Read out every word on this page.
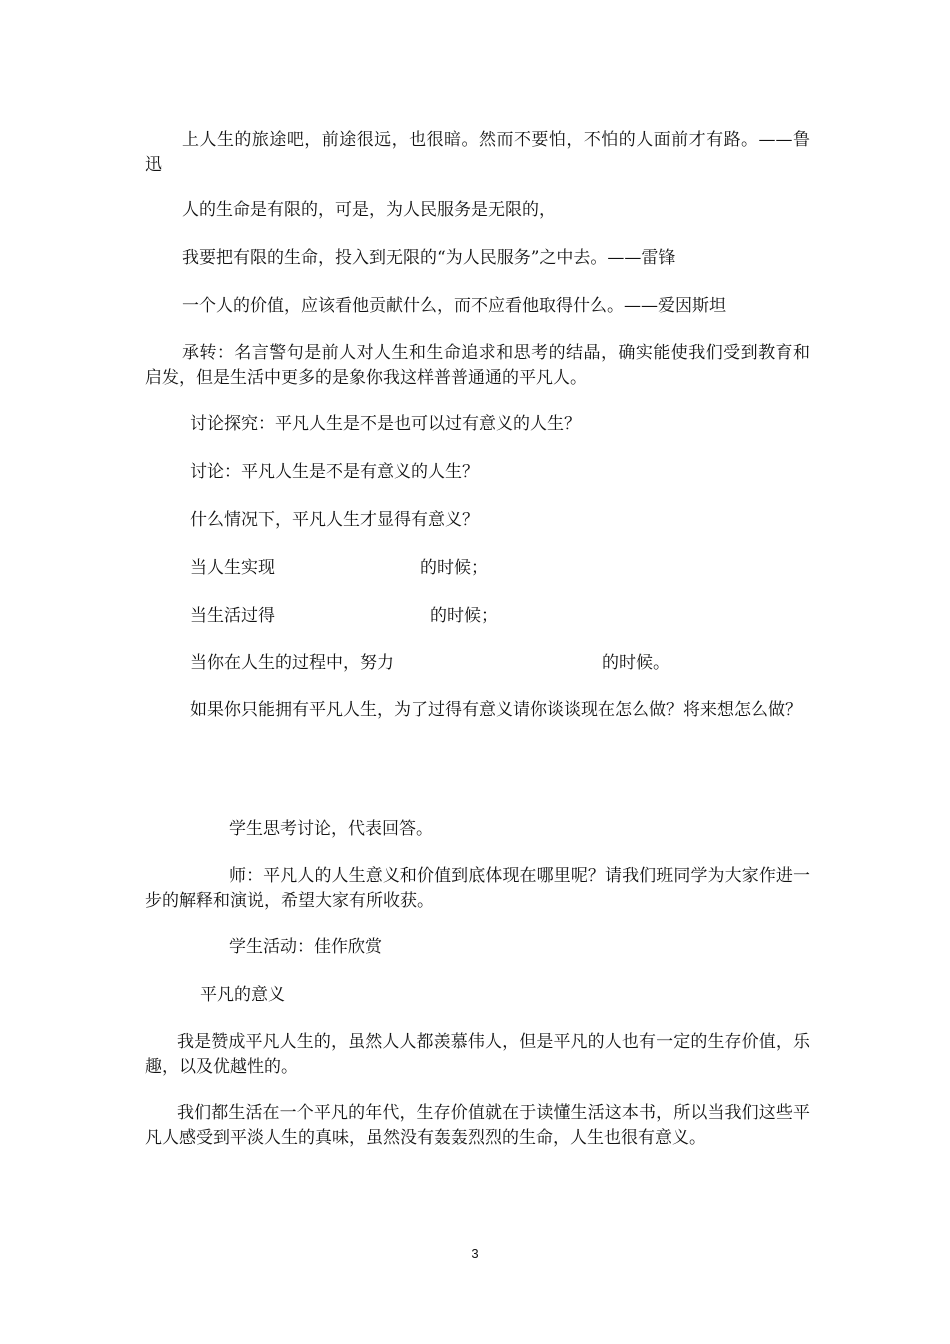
上人生的旅途吧，前途很远，也很暗。然而不要怕，不怕的人面前才有路。——鲁迅

人的生命是有限的，可是，为人民服务是无限的，

我要把有限的生命，投入到无限的“为人民服务”之中去。——雷锋

一个人的价值，应该看他贡献什么，而不应看他取得什么。——爱因斯坦

承转：名言警句是前人对人生和生命追求和思考的结晶，确实能使我们受到教育和启发，但是生活中更多的是象你我这样普普通通的平凡人。

讨论探究：平凡人生是不是也可以过有意义的人生？

讨论：平凡人生是不是有意义的人生？

什么情况下，平凡人生才显得有意义？

当人生实现	的时候；
当生活过得	的时候；
当你在人生的过程中，努力	的时候。

如果你只能拥有平凡人生，为了过得有意义请你谈谈现在怎么做？将来想怎么做？

学生思考讨论，代表回答。

师：平凡人的人生意义和价值到底体现在哪里呢？请我们班同学为大家作进一步的解释和演说，希望大家有所收获。

学生活动：佳作欣赏

平凡的意义

我是赞成平凡人生的，虽然人人都羡慕伟人，但是平凡的人也有一定的生存价值，乐趣，以及优越性的。

我们都生活在一个平凡的年代，生存价值就在于读懂生活这本书，所以当我们这些平凡人感受到平淡人生的真味，虽然没有轰轰烈烈的生命，人生也很有意义。

3
